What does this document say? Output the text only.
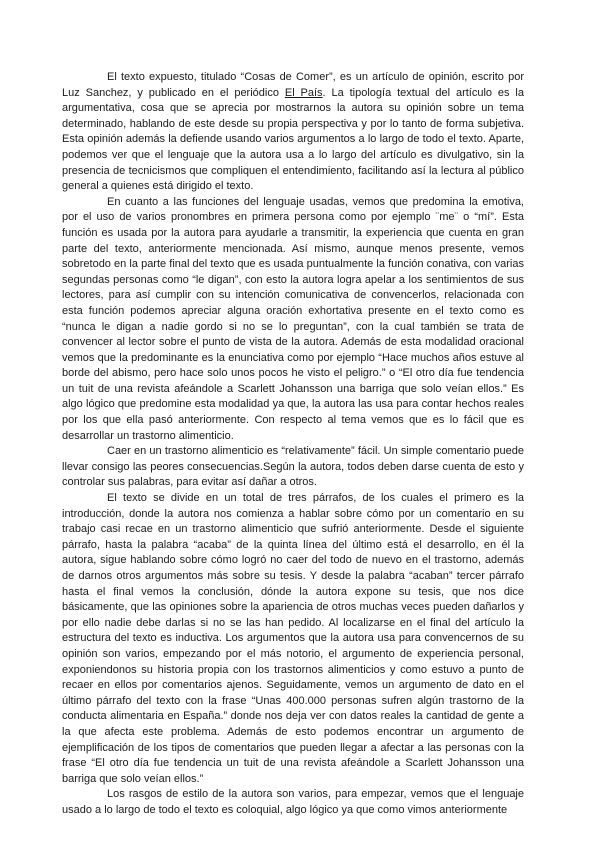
El texto expuesto, titulado “Cosas de Comer”, es un artículo de opinión, escrito por Luz Sanchez, y publicado en el periódico El País. La tipología textual del artículo es la argumentativa, cosa que se aprecia por mostrarnos la autora su opinión sobre un tema determinado, hablando de este desde su propia perspectiva y por lo tanto de forma subjetiva. Esta opinión además la defiende usando varios argumentos a lo largo de todo el texto. Aparte, podemos ver que el lenguaje que la autora usa a lo largo del artículo es divulgativo, sin la presencia de tecnicismos que compliquen el entendimiento, facilitando así la lectura al público general a quienes está dirigido el texto.

En cuanto a las funciones del lenguaje usadas, vemos que predomina la emotiva, por el uso de varios pronombres en primera persona como por ejemplo ¨me¨ o “mí”. Esta función es usada por la autora para ayudarle a transmitir, la experiencia que cuenta en gran parte del texto, anteriormente mencionada. Así mismo, aunque menos presente, vemos sobretodo en la parte final del texto que es usada puntualmente la función conativa, con varias segundas personas como “le digan”, con esto la autora logra apelar a los sentimientos de sus lectores, para así cumplir con su intención comunicativa de convencerlos, relacionada con esta función podemos apreciar alguna oración exhortativa presente en el texto como es “nunca le digan a nadie gordo si no se lo preguntan”, con la cual también se trata de convencer al lector sobre el punto de vista de la autora. Además de esta modalidad oracional vemos que la predominante es la enunciativa como por ejemplo “Hace muchos años estuve al borde del abismo, pero hace solo unos pocos he visto el peligro.” o “El otro día fue tendencia un tuit de una revista afeándole a Scarlett Johansson una barriga que solo veían ellos.” Es algo lógico que predomine esta modalidad ya que, la autora las usa para contar hechos reales por los que ella pasó anteriormente. Con respecto al tema vemos que es lo fácil que es desarrollar un trastorno alimenticio.

Caer en un trastorno alimenticio es “relativamente” fácil. Un simple comentario puede llevar consigo las peores consecuencias.Según la autora, todos deben darse cuenta de esto y controlar sus palabras, para evitar así dañar a otros.

El texto se divide en un total de tres párrafos, de los cuales el primero es la introducción, donde la autora nos comienza a hablar sobre cómo por un comentario en su trabajo casi recae en un trastorno alimenticio que sufrió anteriormente. Desde el siguiente párrafo, hasta la palabra “acaba” de la quinta línea del último está el desarrollo, en él la autora, sigue hablando sobre cómo logró no caer del todo de nuevo en el trastorno, además de darnos otros argumentos más sobre su tesis. Y desde la palabra “acaban” tercer párrafo hasta el final vemos la conclusión, dónde la autora expone su tesis, que nos dice básicamente, que las opiniones sobre la apariencia de otros muchas veces pueden dañarlos y por ello nadie debe darlas si no se las han pedido. Al localizarse en el final del artículo la estructura del texto es inductiva. Los argumentos que la autora usa para convencernos de su opinión son varios, empezando por el más notorio, el argumento de experiencia personal, exponiendonos su historia propia con los trastornos alimenticios y como estuvo a punto de recaer en ellos por comentarios ajenos. Seguidamente, vemos un argumento de dato en el último párrafo del texto con la frase “Unas 400.000 personas sufren algún trastorno de la conducta alimentaria en España.” donde nos deja ver con datos reales la cantidad de gente a la que afecta este problema. Además de esto podemos encontrar un argumento de ejemplificación de los tipos de comentarios que pueden llegar a afectar a las personas con la frase “El otro día fue tendencia un tuit de una revista afeándole a Scarlett Johansson una barriga que solo veían ellos.”

Los rasgos de estilo de la autora son varios, para empezar, vemos que el lenguaje usado a lo largo de todo el texto es coloquial, algo lógico ya que como vimos anteriormente
